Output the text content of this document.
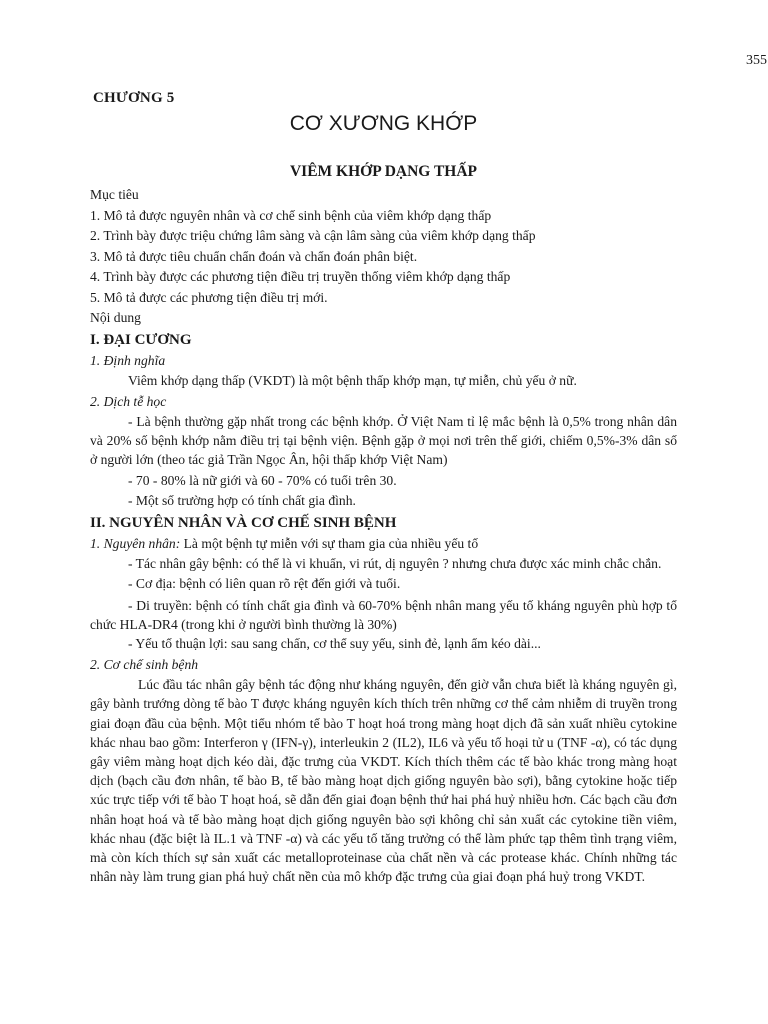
355
CHƯƠNG 5
CƠ XƯƠNG KHỚP
VIÊM KHỚP DẠNG THẤP

Mục tiêu

1. Mô tả được nguyên nhân và cơ chế sinh bệnh của viêm khớp dạng thấp

2. Trình bày được triệu chứng lâm sàng và cận lâm sàng của viêm khớp dạng thấp

3. Mô tả được tiêu chuẩn chẩn đoán và chẩn đoán phân biệt.

4. Trình bày được các phương tiện điều trị truyền thống viêm khớp dạng thấp

5. Mô tả được các phương tiện điều trị mới.

Nội dung

I. ĐẠI CƯƠNG

1. Định nghĩa

Viêm khớp dạng thấp (VKDT) là một bệnh thấp khớp mạn, tự miễn, chủ yếu ở nữ.

2. Dịch tễ học

- Là bệnh thường gặp nhất trong các bệnh khớp. Ở Việt Nam tỉ lệ mắc bệnh là 0,5% trong nhân dân và 20% số bệnh khớp nằm điều trị tại bệnh viện. Bệnh gặp ở mọi nơi trên thế giới, chiếm 0,5%-3% dân số ở người lớn (theo tác giả Trần Ngọc Ân, hội thấp khớp Việt Nam)

- 70 - 80% là nữ giới và 60 - 70% có tuổi trên 30.

- Một số trường hợp có tính chất gia đình.

II. NGUYÊN NHÂN VÀ CƠ CHẾ SINH BỆNH

1. Nguyên nhân: Là một bệnh tự miễn với sự tham gia của nhiều yếu tố

- Tác nhân gây bệnh: có thể là vi khuẩn, vi rút, dị nguyên ? nhưng chưa được xác minh chắc chắn.

- Cơ địa: bệnh có liên quan rõ rệt đến giới và tuổi.

- Di truyền: bệnh có tính chất gia đình và 60-70% bệnh nhân mang yếu tố kháng nguyên phù hợp tổ chức HLA-DR4 (trong khi ở người bình thường là 30%)

- Yếu tố thuận lợi: sau sang chấn, cơ thể suy yếu, sinh đẻ, lạnh ẩm kéo dài...

2. Cơ chế sinh bệnh

Lúc đầu tác nhân gây bệnh tác động như kháng nguyên, đến giờ vẫn chưa biết là kháng nguyên gì, gây bành trướng dòng tế bào T được kháng nguyên kích thích trên những cơ thể cảm nhiễm di truyền trong giai đoạn đầu của bệnh. Một tiểu nhóm tế bào T hoạt hoá trong màng hoạt dịch đã sản xuất nhiều cytokine khác nhau bao gồm: Interferon γ (IFN-γ), interleukin 2 (IL2), IL6 và yếu tố hoại tử u (TNF -α), có tác dụng gây viêm màng hoạt dịch kéo dài, đặc trưng của VKDT. Kích thích thêm các tế bào khác trong màng hoạt dịch (bạch cầu đơn nhân, tế bào B, tế bào màng hoạt dịch giống nguyên bào sợi), bằng cytokine hoặc tiếp xúc trực tiếp với tế bào T hoạt hoá, sẽ dẫn đến giai đoạn bệnh thứ hai phá huỷ nhiều hơn. Các bạch cầu đơn nhân hoạt hoá và tế bào màng hoạt dịch giống nguyên bào sợi không chỉ sản xuất các cytokine tiền viêm, khác nhau (đặc biệt là IL.1 và TNF -α) và các yếu tố tăng trưởng có thể làm phức tạp thêm tình trạng viêm, mà còn kích thích sự sản xuất các metalloproteinase của chất nền và các protease khác. Chính những tác nhân này làm trung gian phá huỷ chất nền của mô khớp đặc trưng của giai đoạn phá huỷ trong VKDT.
